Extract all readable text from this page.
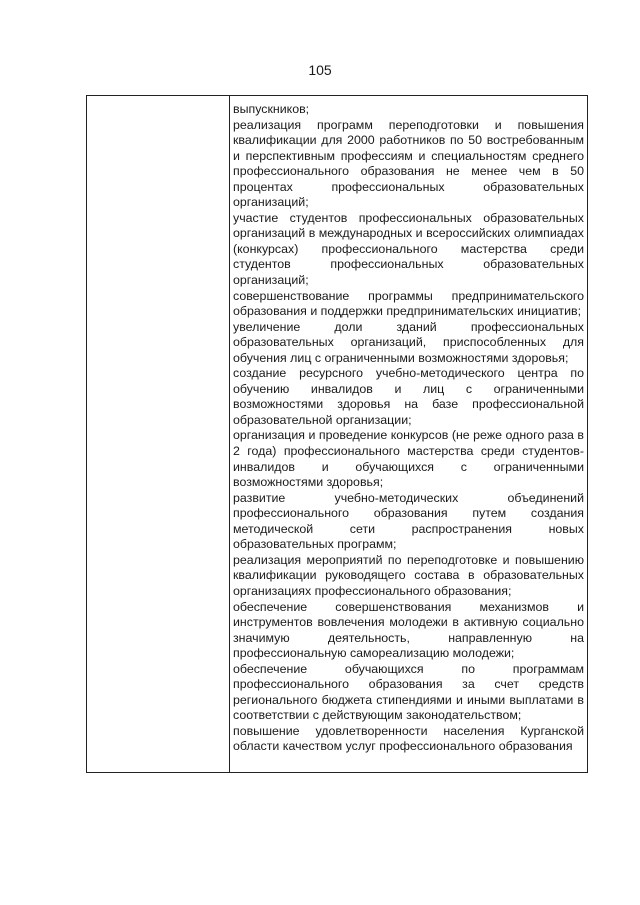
105

выпускников;

реализация программ переподготовки и повышения квалификации для 2000 работников по 50 востребованным и перспективным профессиям и специальностям среднего профессионального образования не менее чем в 50 процентах профессиональных образовательных организаций;

участие студентов профессиональных образовательных организаций в международных и всероссийских олимпиадах (конкурсах) профессионального мастерства среди студентов профессиональных образовательных организаций;

совершенствование программы предпринимательского образования и поддержки предпринимательских инициатив;

увеличение доли зданий профессиональных образовательных организаций, приспособленных для обучения лиц с ограниченными возможностями здоровья;

создание ресурсного учебно-методического центра по обучению инвалидов и лиц с ограниченными возможностями здоровья на базе профессиональной образовательной организации;

организация и проведение конкурсов (не реже одного раза в 2 года) профессионального мастерства среди студентов-инвалидов и обучающихся с ограниченными возможностями здоровья;

развитие учебно-методических объединений профессионального образования путем создания методической сети распространения новых образовательных программ;

реализация мероприятий по переподготовке и повышению квалификации руководящего состава в образовательных организациях профессионального образования;

обеспечение совершенствования механизмов и инструментов вовлечения молодежи в активную социально значимую деятельность, направленную на профессиональную самореализацию молодежи;

обеспечение обучающихся по программам профессионального образования за счет средств регионального бюджета стипендиями и иными выплатами в соответствии с действующим законодательством;

повышение удовлетворенности населения Курганской области качеством услуг профессионального образования
